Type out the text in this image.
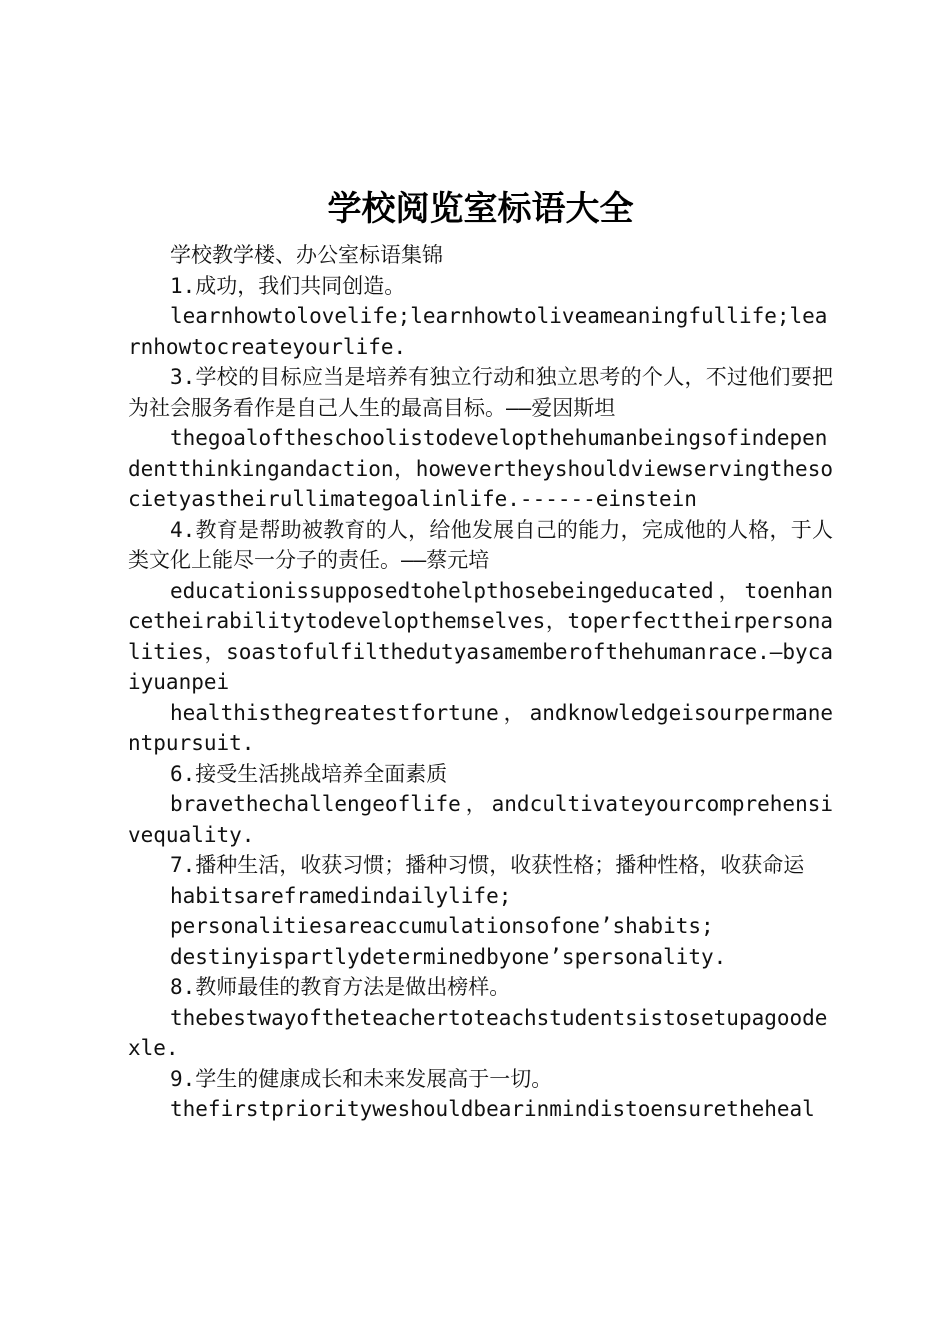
学校阅览室标语大全

学校教学楼、办公室标语集锦

1.成功，我们共同创造。

learnhowtolovelife;learnhowtoliveameaningfullife;learnhowtocreateyourlife.

3.学校的目标应当是培养有独立行动和独立思考的个人，不过他们要把为社会服务看作是自己人生的最高目标。——爱因斯坦

thegoaloftheschoolistodevelopthehumanbeingsofindependentthinkingandaction，howevertheyshouldviewservingthesocietyastheirullimategoalinlife.------einstein

4.教育是帮助被教育的人，给他发展自己的能力，完成他的人格，于人类文化上能尽一分子的责任。——蔡元培

educationissupposedtohelpthosebeingeducated，toenhancetheirabilitytodevelopthemselves，toperfecttheirpersonalities，soastofulfilthedutyasamemberofthehumanrace.—bycaiyuanpei

healthisthegreatestfortune，andknowledgeisourpermanentpursuit.

6.接受生活挑战培养全面素质

bravethechallengeoflife，andcultivateyourcomprehensivequality.

7.播种生活，收获习惯；播种习惯，收获性格；播种性格，收获命运

habitsareframedindailylife;

personalitiesareaccumulationsofone’shabits;

destinyispartlydeterminedbyone’spersonality.

8.教师最佳的教育方法是做出榜样。

thebestwayoftheteachertoteachstudentsistosetupagoodexle.

9.学生的健康成长和未来发展高于一切。

thefirstpriorityweshouldbearinmindistoensuretheheal
